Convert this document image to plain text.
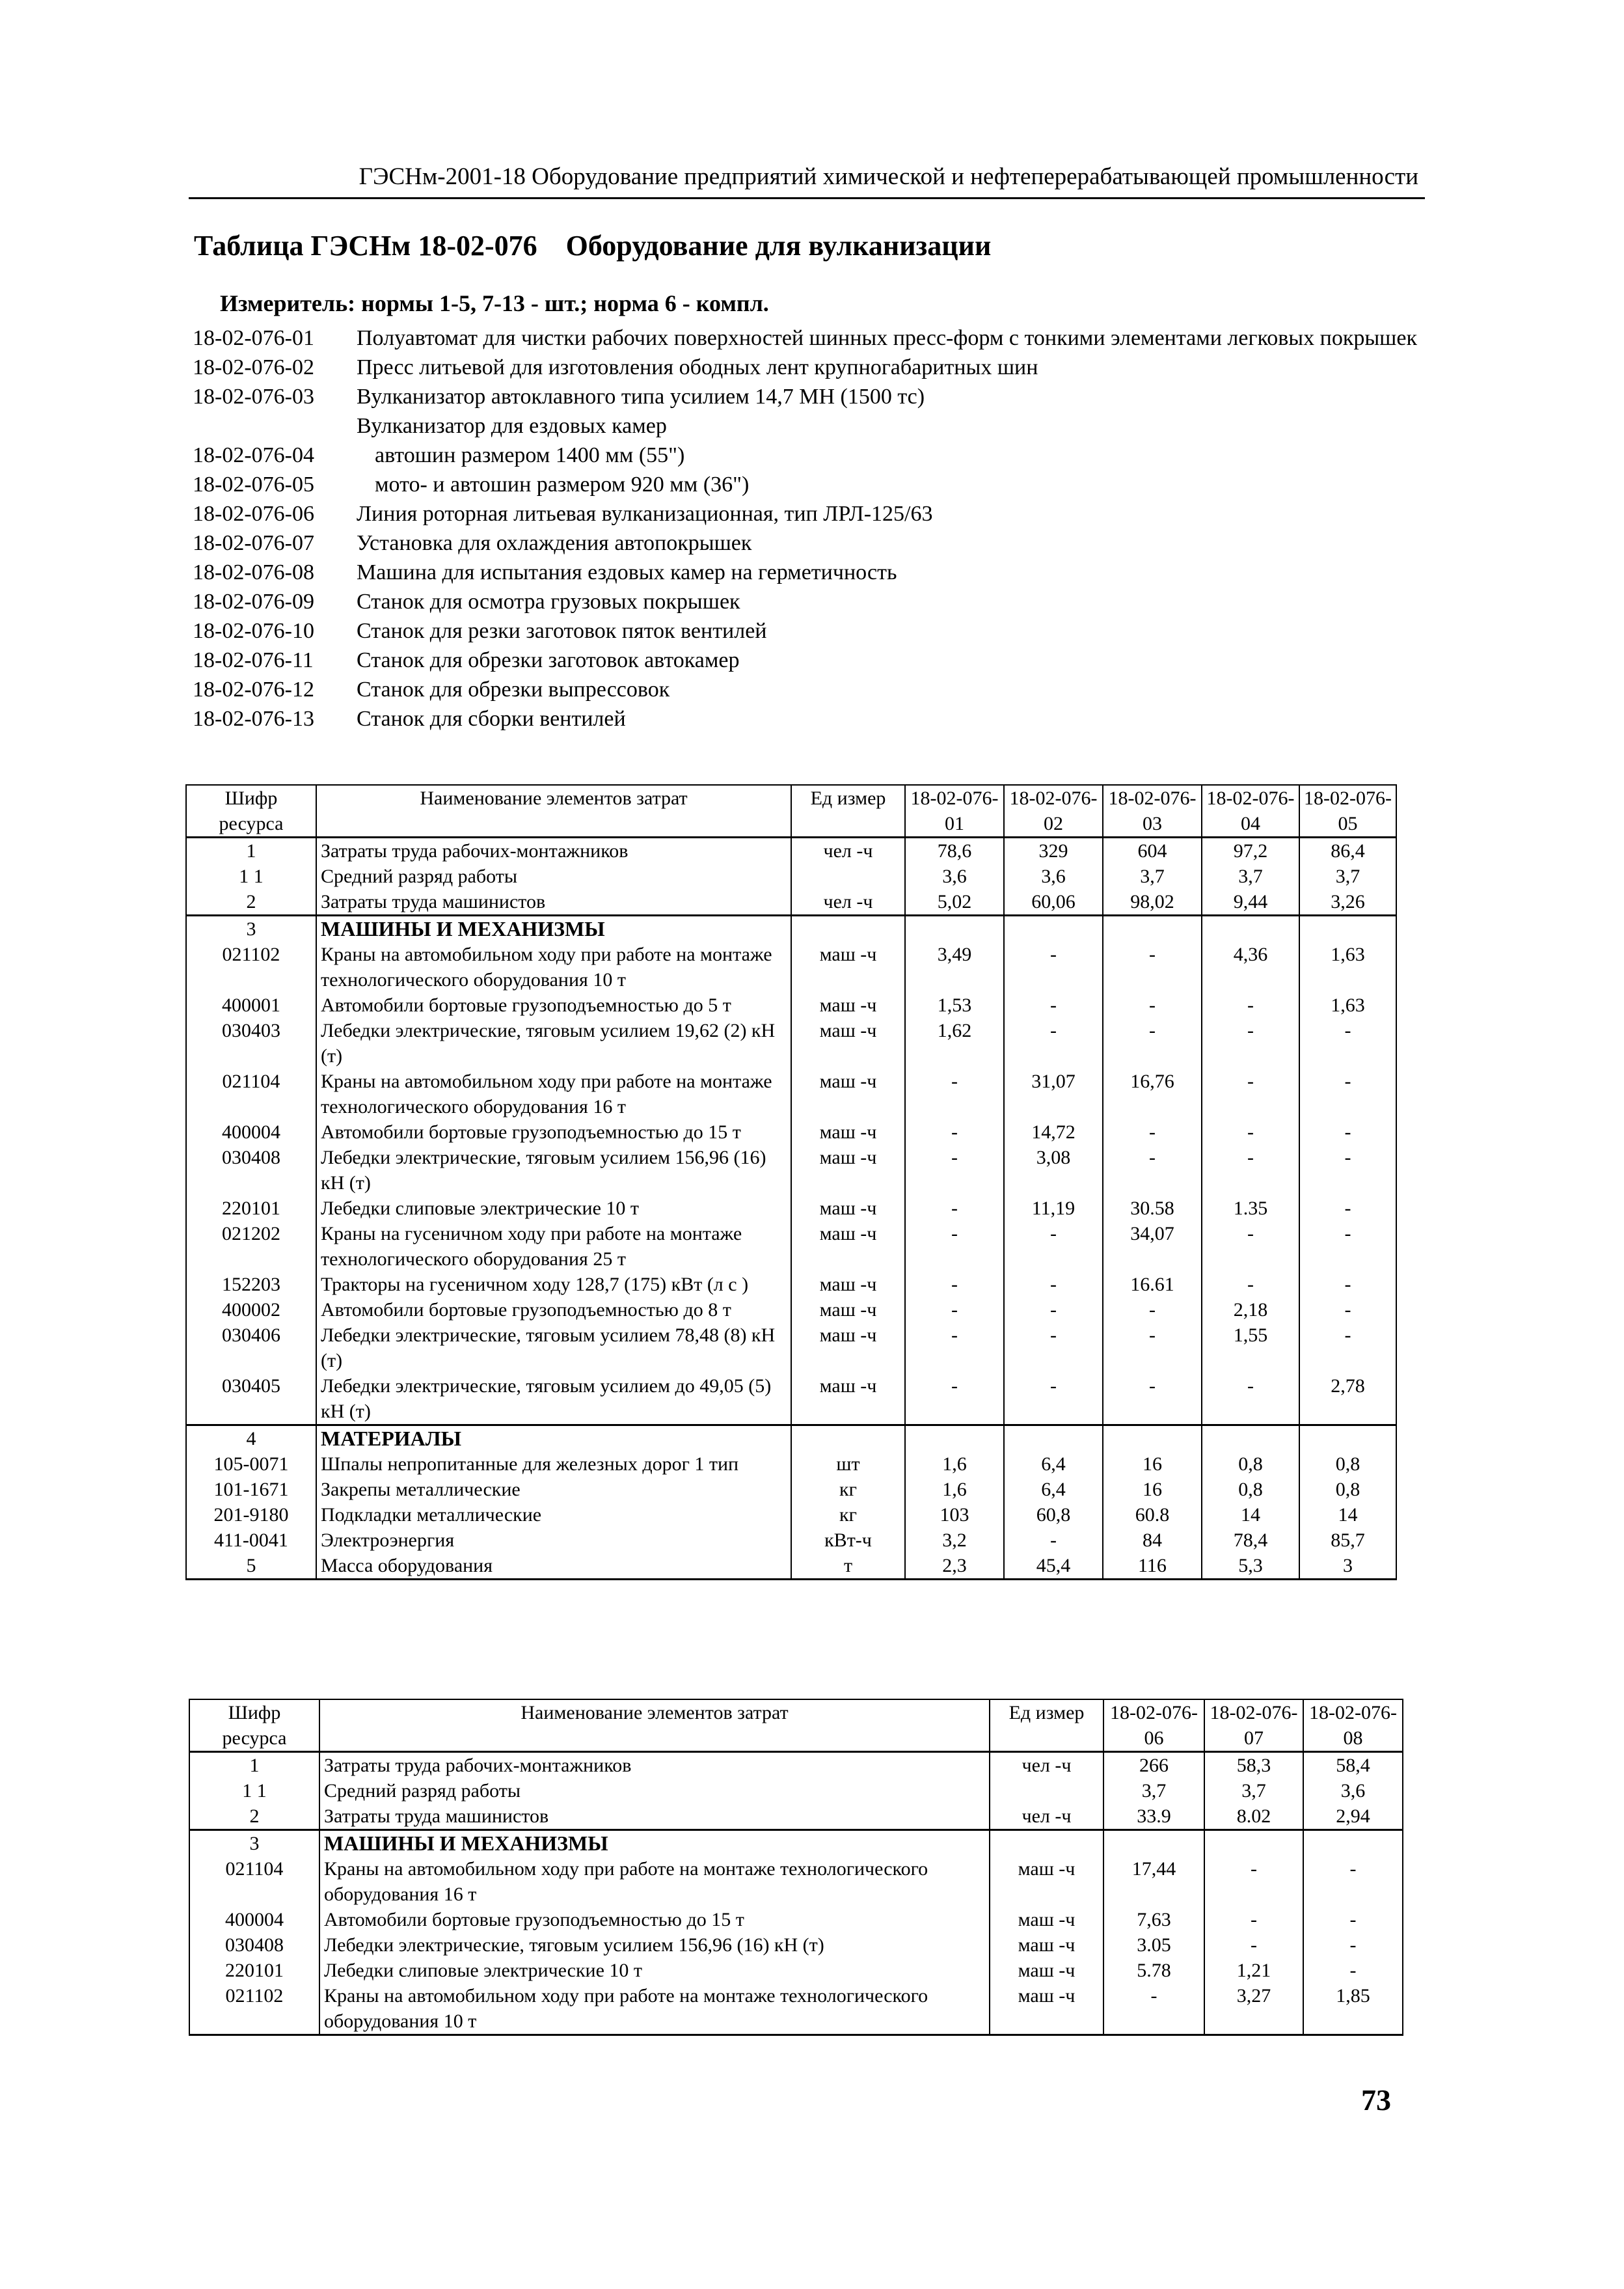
ГЭСНм-2001-18 Оборудование предприятий химической и нефтеперерабатывающей промышленности
Таблица ГЭСНм 18-02-076 Оборудование для вулканизации
Измеритель: нормы 1-5, 7-13 - шт.; норма 6 - компл.
18-02-076-01	Полуавтомат для чистки рабочих поверхностей шинных пресс-форм с тонкими элементами легковых покрышек
18-02-076-02	Пресс литьевой для изготовления ободных лент крупногабаритных шин
18-02-076-03	Вулканизатор автоклавного типа усилием 14,7 МН (1500 тс)
Вулканизатор для ездовых камер
18-02-076-04	автошин размером 1400 мм (55")
18-02-076-05	мото- и автошин размером 920 мм (36")
18-02-076-06	Линия роторная литьевая вулканизационная, тип ЛРЛ-125/63
18-02-076-07	Установка для охлаждения автопокрышек
18-02-076-08	Машина для испытания ездовых камер на герметичность
18-02-076-09	Станок для осмотра грузовых покрышек
18-02-076-10	Станок для резки заготовок пяток вентилей
18-02-076-11	Станок для обрезки заготовок автокамер
18-02-076-12	Станок для обрезки выпрессовок
18-02-076-13	Станок для сборки вентилей
Шифр ресурса	Наименование элементов затрат	Ед измер	18-02-076-01	18-02-076-02	18-02-076-03	18-02-076-04	18-02-076-05
1	Затраты труда рабочих-монтажников	чел -ч	78,6	329	604	97,2	86,4
1 1	Средний разряд работы		3,6	3,6	3,7	3,7	3,7
2	Затраты труда машинистов	чел -ч	5,02	60,06	98,02	9,44	3,26
3	МАШИНЫ И МЕХАНИЗМЫ						
021102	Краны на автомобильном ходу при работе на монтаже технологического оборудования 10 т	маш -ч	3,49	-	-	4,36	1,63
400001	Автомобили бортовые грузоподъемностью до 5 т	маш -ч	1,53	-	-	-	1,63
030403	Лебедки электрические, тяговым усилием 19,62 (2) кН (т)	маш -ч	1,62	-	-	-	-
021104	Краны на автомобильном ходу при работе на монтаже технологического оборудования 16 т	маш -ч	-	31,07	16,76	-	-
400004	Автомобили бортовые грузоподъемностью до 15 т	маш -ч	-	14,72	-	-	-
030408	Лебедки электрические, тяговым усилием 156,96 (16) кН (т)	маш -ч	-	3,08	-	-	-
220101	Лебедки слиповые электрические 10 т	маш -ч	-	11,19	30.58	1.35	-
021202	Краны на гусеничном ходу при работе на монтаже технологического оборудования 25 т	маш -ч	-	-	34,07	-	-
152203	Тракторы на гусеничном ходу 128,7 (175) кВт (л с )	маш -ч	-	-	16.61	-	-
400002	Автомобили бортовые грузоподъемностью до 8 т	маш -ч	-	-	-	2,18	-
030406	Лебедки электрические, тяговым усилием 78,48 (8) кН (т)	маш -ч	-	-	-	1,55	-
030405	Лебедки электрические, тяговым усилием до 49,05 (5) кН (т)	маш -ч	-	-	-	-	2,78
4	МАТЕРИАЛЫ						
105-0071	Шпалы непропитанные для железных дорог 1 тип	шт	1,6	6,4	16	0,8	0,8
101-1671	Закрепы металлические	кг	1,6	6,4	16	0,8	0,8
201-9180	Подкладки металлические	кг	103	60,8	60.8	14	14
411-0041	Электроэнергия	кВт-ч	3,2	-	84	78,4	85,7
5	Масса оборудования	т	2,3	45,4	116	5,3	3
Шифр ресурса	Наименование элементов затрат	Ед измер	18-02-076-06	18-02-076-07	18-02-076-08
1	Затраты труда рабочих-монтажников	чел -ч	266	58,3	58,4
1 1	Средний разряд работы		3,7	3,7	3,6
2	Затраты труда машинистов	чел -ч	33.9	8.02	2,94
3	МАШИНЫ И МЕХАНИЗМЫ				
021104	Краны на автомобильном ходу при работе на монтаже технологического оборудования 16 т	маш -ч	17,44	-	-
400004	Автомобили бортовые грузоподъемностью до 15 т	маш -ч	7,63	-	-
030408	Лебедки электрические, тяговым усилием 156,96 (16) кН (т)	маш -ч	3.05	-	-
220101	Лебедки слиповые электрические 10 т	маш -ч	5.78	1,21	-
021102	Краны на автомобильном ходу при работе на монтаже технологического оборудования 10 т	маш -ч	-	3,27	1,85
73
